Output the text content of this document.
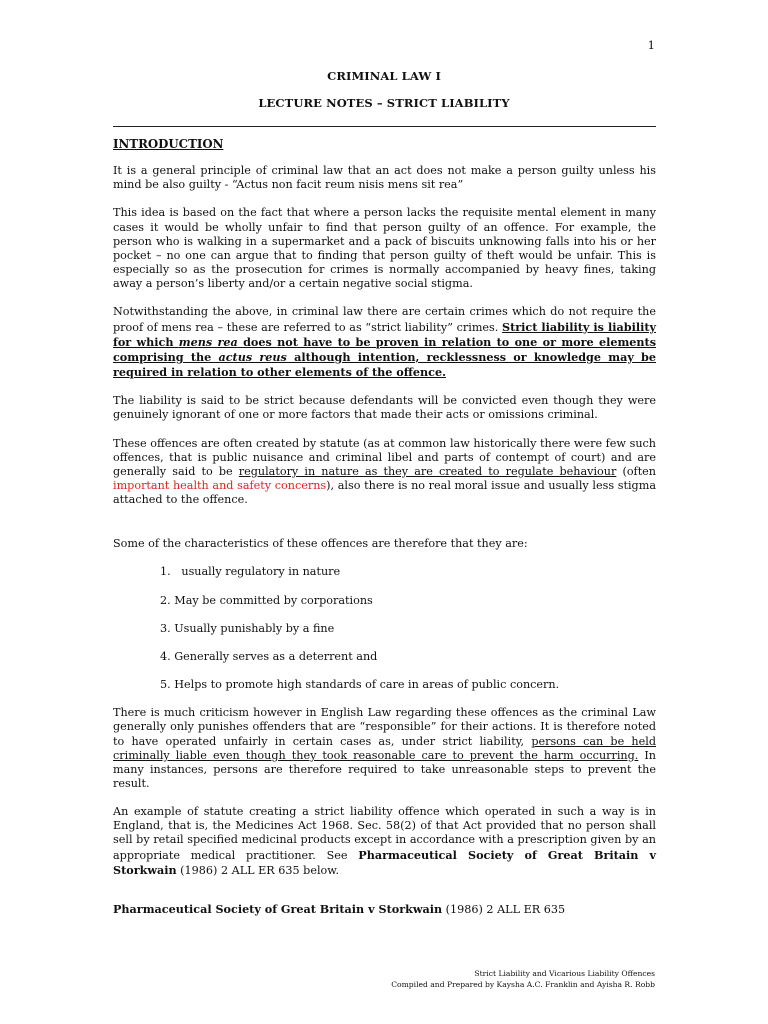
1
CRIMINAL LAW I
LECTURE NOTES – STRICT LIABILITY
INTRODUCTION

It is a general principle of criminal law that an act does not make a person guilty unless his mind be also guilty - “Actus non facit reum nisis mens sit rea”

This idea is based on the fact that where a person lacks the requisite mental element in many cases it would be wholly unfair to find that person guilty of an offence. For example, the person who is walking in a supermarket and a pack of biscuits unknowing falls into his or her pocket – no one can argue that to finding that person guilty of theft would be unfair. This is especially so as the prosecution for crimes is normally accompanied by heavy fines, taking away a person’s liberty and/or a certain negative social stigma.

Notwithstanding the above, in criminal law there are certain crimes which do not require the proof of mens rea – these are referred to as “strict liability” crimes. Strict liability is liability for which mens rea does not have to be proven in relation to one or more elements comprising the actus reus although intention, recklessness or knowledge may be required in relation to other elements of the offence.

The liability is said to be strict because defendants will be convicted even though they were genuinely ignorant of one or more factors that made their acts or omissions criminal.

These offences are often created by statute (as at common law historically there were few such offences, that is public nuisance and criminal libel and parts of contempt of court) and are generally said to be regulatory in nature as they are created to regulate behaviour (often important health and safety concerns), also there is no real moral issue and usually less stigma attached to the offence.

Some of the characteristics of these offences are therefore that they are:

1.   usually regulatory in nature
2. May be committed by corporations
3. Usually punishably by a fine
4. Generally serves as a deterrent and
5. Helps to promote high standards of care in areas of public concern.

There is much criticism however in English Law regarding these offences as the criminal Law generally only punishes offenders that are “responsible” for their actions. It is therefore noted to have operated unfairly in certain cases as, under strict liability, persons can be held criminally liable even though they took reasonable care to prevent the harm occurring. In many instances, persons are therefore required to take unreasonable steps to prevent the result.

An example of statute creating a strict liability offence which operated in such a way is in England, that is, the Medicines Act 1968. Sec. 58(2) of that Act provided that no person shall sell by retail specified medicinal products except in accordance with a prescription given by an appropriate medical practitioner. See Pharmaceutical Society of Great Britain v Storkwain (1986) 2 ALL ER 635 below.

Pharmaceutical Society of Great Britain v Storkwain (1986) 2 ALL ER 635
Strict Liability and Vicarious Liability Offences
Compiled and Prepared by Kaysha A.C. Franklin and Ayisha R. Robb
